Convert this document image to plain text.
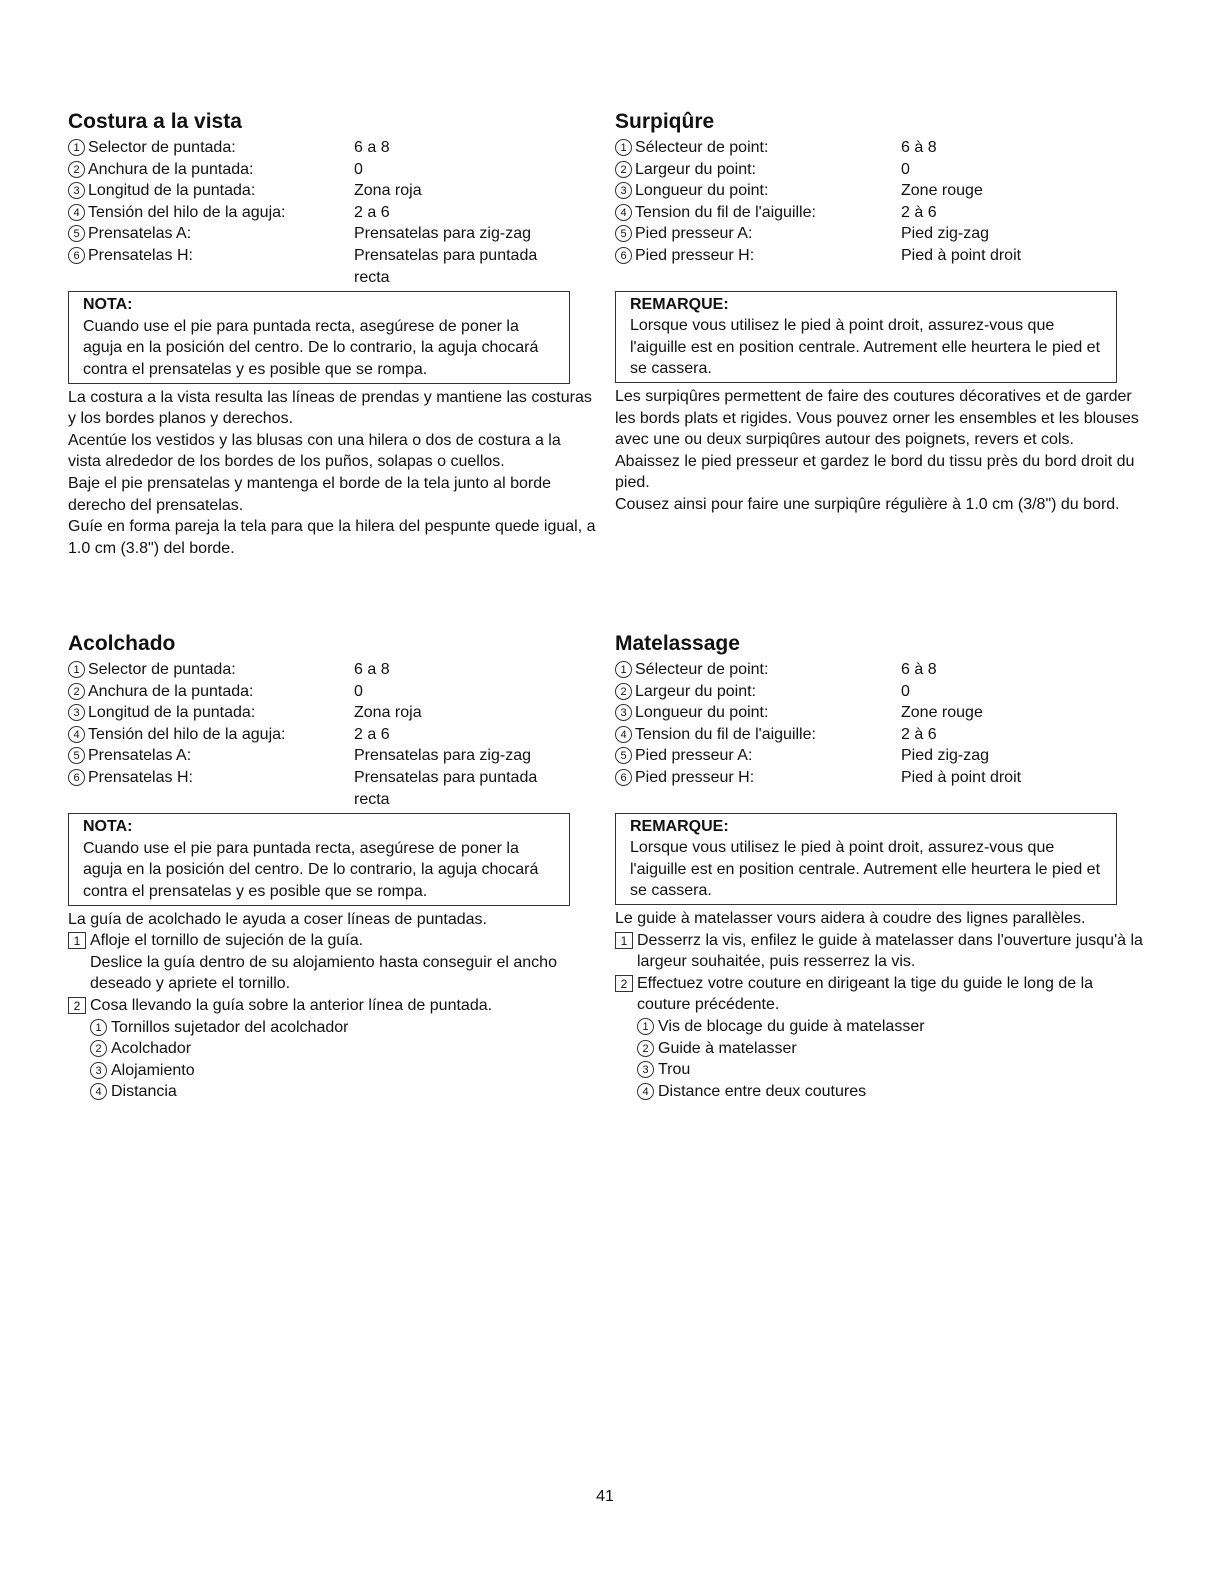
Costura a la vista
1 Selector de puntada:	6 a 8
2 Anchura de la puntada:	0
3 Longitud de la puntada:	Zona roja
4 Tensión del hilo de la aguja:	2 a 6
5 Prensatelas A:	Prensatelas para zig-zag
6 Prensatelas H:	Prensatelas para puntada recta
NOTA:
Cuando use el pie para puntada recta, asegúrese de poner la aguja en la posición del centro. De lo contrario, la aguja chocará contra el prensatelas y es posible que se rompa.

La costura a la vista resulta las líneas de prendas y mantiene las costuras y los bordes planos y derechos.

Acentúe los vestidos y las blusas con una hilera o dos de costura a la vista alrededor de los bordes de los puños, solapas o cuellos.

Baje el pie prensatelas y mantenga el borde de la tela junto al borde derecho del prensatelas.

Guíe en forma pareja la tela para que la hilera del pespunte quede igual, a 1.0 cm (3.8") del borde.

Surpiqûre
1 Sélecteur de point:	6 à 8
2 Largeur du point:	0
3 Longueur du point:	Zone rouge
4 Tension du fil de l'aiguille:	2 à 6
5 Pied presseur A:	Pied zig-zag
6 Pied presseur H:	Pied à point droit
REMARQUE:
Lorsque vous utilisez le pied à point droit, assurez-vous que l'aiguille est en position centrale. Autrement elle heurtera le pied et se cassera.

Les surpiqûres permettent de faire des coutures décoratives et de garder les bords plats et rigides. Vous pouvez orner les ensembles et les blouses avec une ou deux surpiqûres autour des poignets, revers et cols.

Abaissez le pied presseur et gardez le bord du tissu près du bord droit du pied.

Cousez ainsi pour faire une surpiqûre régulière à 1.0 cm (3/8") du bord.

Acolchado
1 Selector de puntada:	6 a 8
2 Anchura de la puntada:	0
3 Longitud de la puntada:	Zona roja
4 Tensión del hilo de la aguja:	2 a 6
5 Prensatelas A:	Prensatelas para zig-zag
6 Prensatelas H:	Prensatelas para puntada recta
NOTA:
Cuando use el pie para puntada recta, asegúrese de poner la aguja en la posición del centro. De lo contrario, la aguja chocará contra el prensatelas y es posible que se rompa.

La guía de acolchado le ayuda a coser líneas de puntadas.

1 Afloje el tornillo de sujeción de la guía.

Deslice la guía dentro de su alojamiento hasta conseguir el ancho deseado y apriete el tornillo.

2 Cosa llevando la guía sobre la anterior línea de puntada.
1 Tornillos sujetador del acolchador
2 Acolchador
3 Alojamiento
4 Distancia
Matelassage
1 Sélecteur de point:	6 à 8
2 Largeur du point:	0
3 Longueur du point:	Zone rouge
4 Tension du fil de l'aiguille:	2 à 6
5 Pied presseur A:	Pied zig-zag
6 Pied presseur H:	Pied à point droit
REMARQUE:
Lorsque vous utilisez le pied à point droit, assurez-vous que l'aiguille est en position centrale. Autrement elle heurtera le pied et se cassera.

Le guide à matelasser vours aidera à coudre des lignes parallèles.

1 Desserrz la vis, enfilez le guide à matelasser dans l'ouverture jusqu'à la largeur souhaitée, puis resserrez la vis.
2 Effectuez votre couture en dirigeant la tige du guide le long de la couture précédente.
1 Vis de blocage du guide à matelasser
2 Guide à matelasser
3 Trou
4 Distance entre deux coutures
41
